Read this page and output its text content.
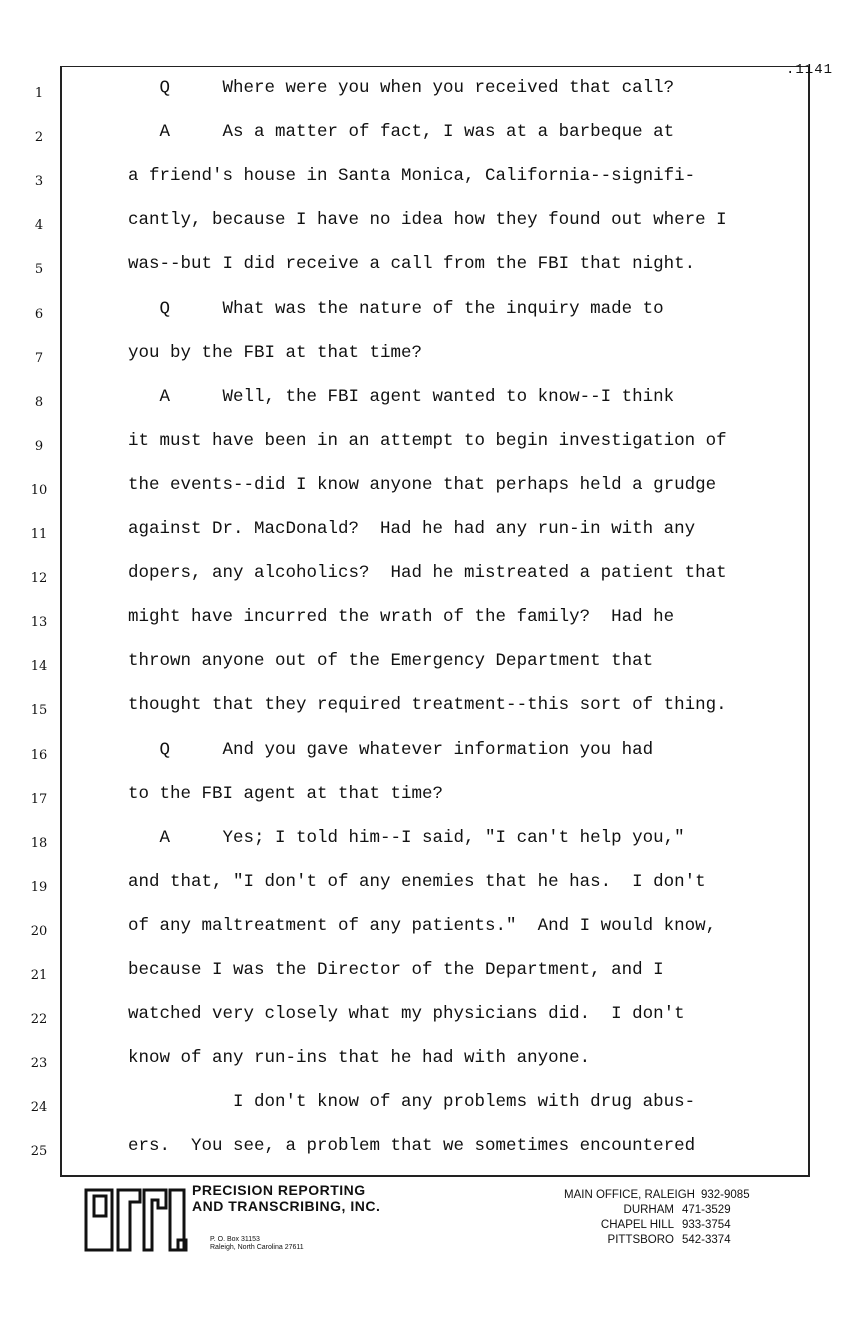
.1141
1
2
3
4
5
6
7
8
9
10
11
12
13
14
15
16
17
18
19
20
21
22
23
24
25
Q     Where were you when you received that call?
A     As a matter of fact, I was at a barbeque at
a friend's house in Santa Monica, California--signifi-
cantly, because I have no idea how they found out where I
was--but I did receive a call from the FBI that night.
Q     What was the nature of the inquiry made to
you by the FBI at that time?
A     Well, the FBI agent wanted to know--I think
it must have been in an attempt to begin investigation of
the events--did I know anyone that perhaps held a grudge
against Dr. MacDonald?  Had he had any run-in with any
dopers, any alcoholics?  Had he mistreated a patient that
might have incurred the wrath of the family?  Had he
thrown anyone out of the Emergency Department that
thought that they required treatment--this sort of thing.
Q     And you gave whatever information you had
to the FBI agent at that time?
A     Yes; I told him--I said, "I can't help you,"
and that, "I don't of any enemies that he has.  I don't
of any maltreatment of any patients."  And I would know,
because I was the Director of the Department, and I
watched very closely what my physicians did.  I don't
know of any run-ins that he had with anyone.
I don't know of any problems with drug abus-
ers.  You see, a problem that we sometimes encountered
P&T
PRECISION REPORTING
AND TRANSCRIBING, INC.
P. O. Box 31153
Raleigh, North Carolina 27611
MAIN OFFICE, RALEIGH 932-9085
DURHAM 471-3529
CHAPEL HILL 933-3754
PITTSBORO 542-3374
